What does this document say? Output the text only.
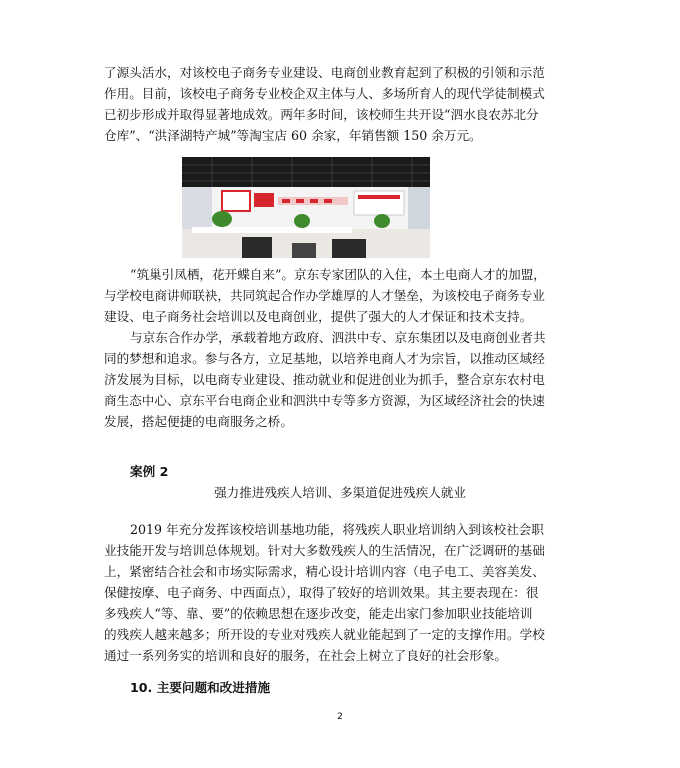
了源头活水，对该校电子商务专业建设、电商创业教育起到了积极的引领和示范
作用。目前，该校电子商务专业校企双主体与人、多场所育人的现代学徒制模式
已初步形成并取得显著地成效。两年多时间，该校师生共开设“泗水良农苏北分
仓库”、“洪泽湖特产城”等淘宝店 60 余家，年销售额 150 余万元。
“筑巢引凤栖，花开蝶自来”。京东专家团队的入住，本土电商人才的加盟，
与学校电商讲师联袂，共同筑起合作办学雄厚的人才堡垒，为该校电子商务专业
建设、电子商务社会培训以及电商创业，提供了强大的人才保证和技术支持。
与京东合作办学，承载着地方政府、泗洪中专、京东集团以及电商创业者共
同的梦想和追求。参与各方，立足基地，以培养电商人才为宗旨，以推动区域经
济发展为目标，以电商专业建设、推动就业和促进创业为抓手，整合京东农村电
商生态中心、京东平台电商企业和泗洪中专等多方资源，为区域经济社会的快速
发展，搭起便捷的电商服务之桥。
案例 2
强力推进残疾人培训、多渠道促进残疾人就业
2019 年充分发挥该校培训基地功能，将残疾人职业培训纳入到该校社会职
业技能开发与培训总体规划。针对大多数残疾人的生活情况，在广泛调研的基础
上，紧密结合社会和市场实际需求，精心设计培训内容（电子电工、美容美发、
保健按摩、电子商务、中西面点），取得了较好的培训效果。其主要表现在：很
多残疾人“等、靠、要”的依赖思想在逐步改变，能走出家门参加职业技能培训
的残疾人越来越多；所开设的专业对残疾人就业能起到了一定的支撑作用。学校
通过一系列务实的培训和良好的服务，在社会上树立了良好的社会形象。
10. 主要问题和改进措施
2
